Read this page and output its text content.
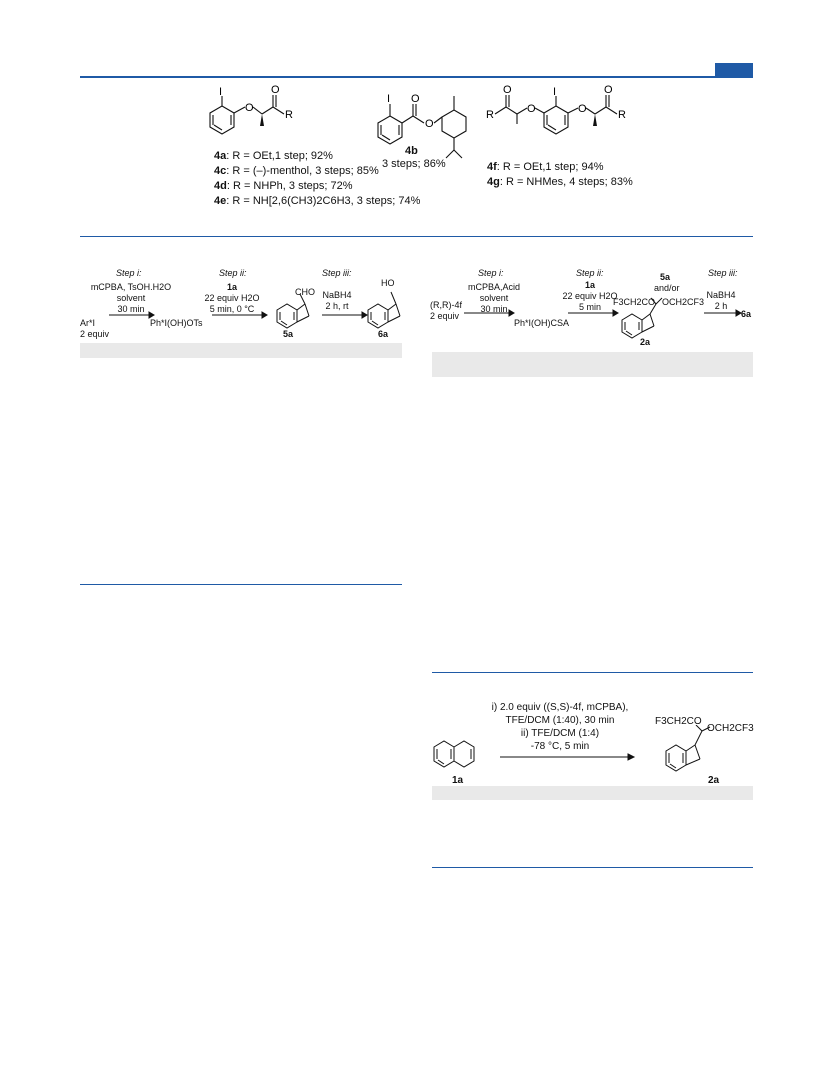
I
O
O
R
I O
O
I
O	O
O	O
R	R
4a: R = OEt,1 step; 92%
4c: R = (–)-menthol, 3 steps; 85%
4d: R = NHPh, 3 steps; 72%
4e: R = NH[2,6(CH3)2C6H3, 3 steps; 74%
4b
3 steps; 86%	4f: R = OEt,1 step; 94%
4g: R = NHMes, 4 steps; 83%
Step i:	Step ii:	Step iii:
mCPBA, TsOH.H2O
solvent
30 min
Ar*I
2 equiv
Ph*I(OH)OTs
1a
22 equiv H2O
5 min, 0 °C
NaBH4
2 h, rt
CHO
5a
HO
6a
Step i:	Step ii:	Step iii:
mCPBA,Acid
solvent
30 min
(R,R)-4f
2 equiv
Ph*I(OH)CSA
1a
22 equiv H2O
5 min
5a
and/or
F3CH2CO OCH2CF3
2a
NaBH4
2 h
6a
i) 2.0 equiv ((S,S)-4f, mCPBA),
TFE/DCM (1:40), 30 min
ii) TFE/DCM (1:4)
-78 °C, 5 min
1a
F3CH2CO
OCH2CF3
2a
